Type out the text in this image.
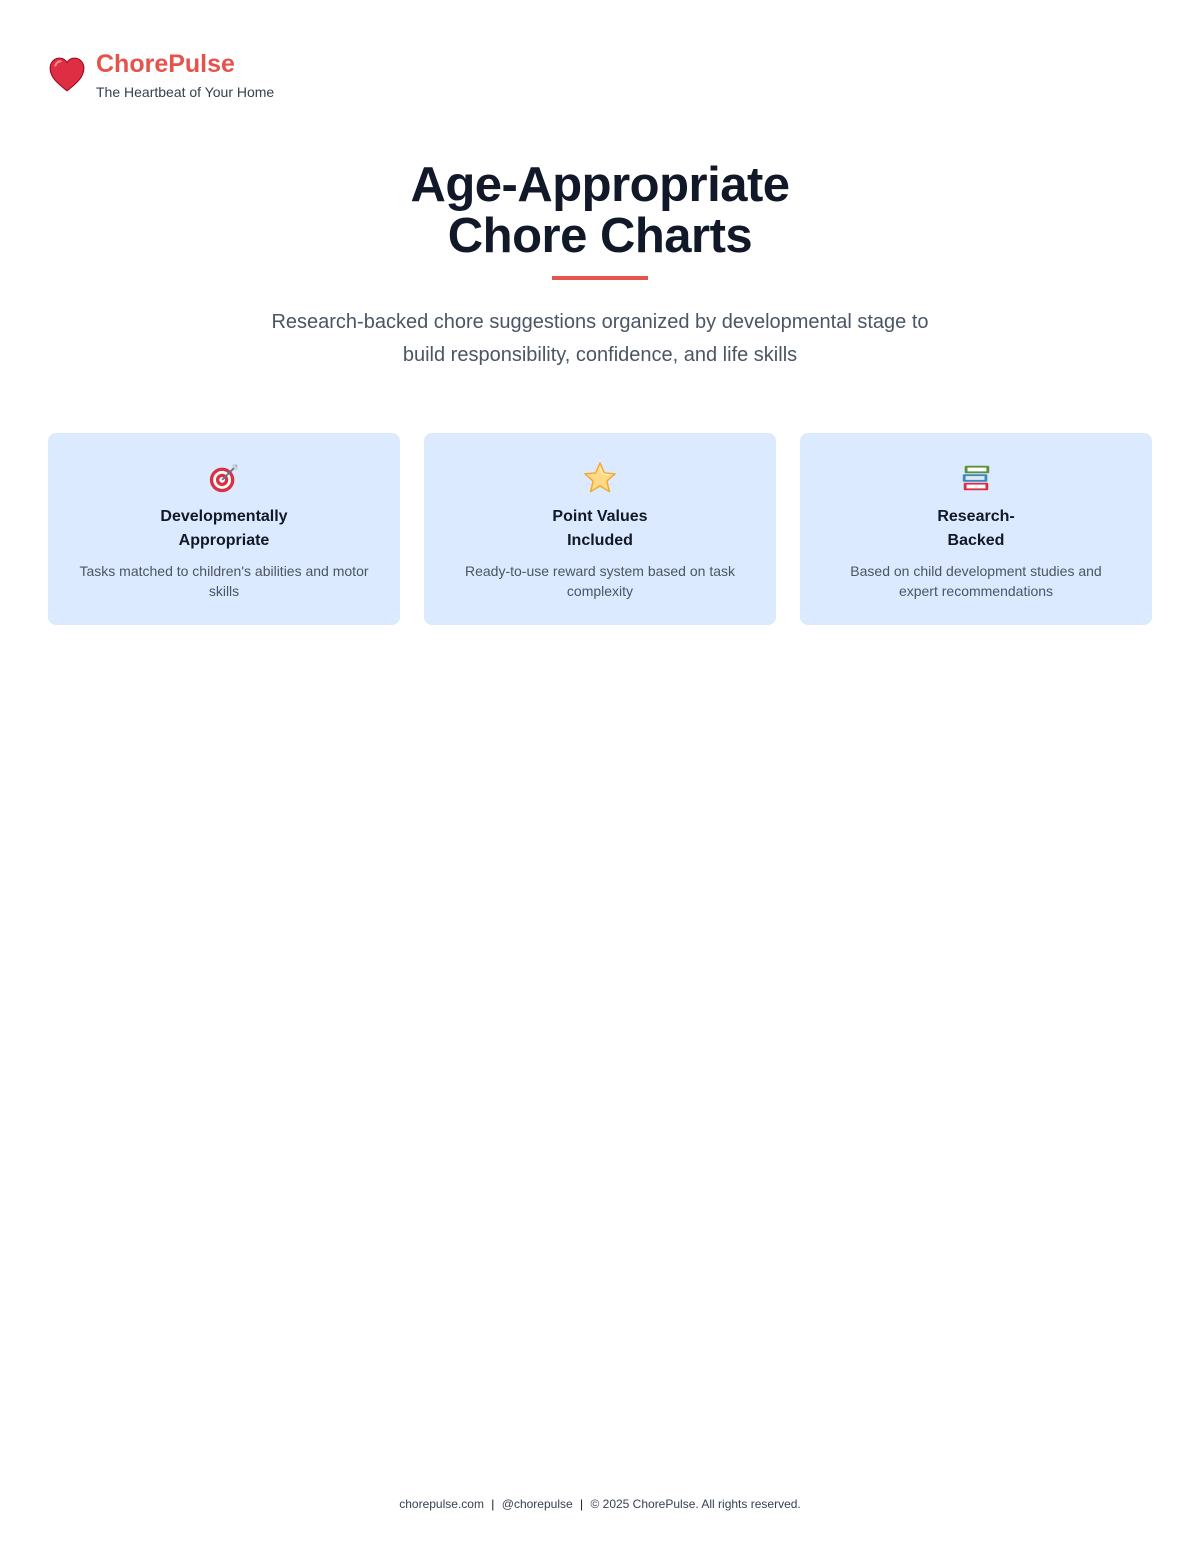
ChorePulse
The Heartbeat of Your Home
Age-Appropriate
Chore Charts

Research-backed chore suggestions organized by developmental stage to build responsibility, confidence, and life skills

Developmentally
Appropriate

Tasks matched to children's abilities and motor skills

Point Values
Included

Ready-to-use reward system based on task complexity

Research-
Backed

Based on child development studies and expert recommendations

chorepulse.com | @chorepulse | © 2025 ChorePulse. All rights reserved.
